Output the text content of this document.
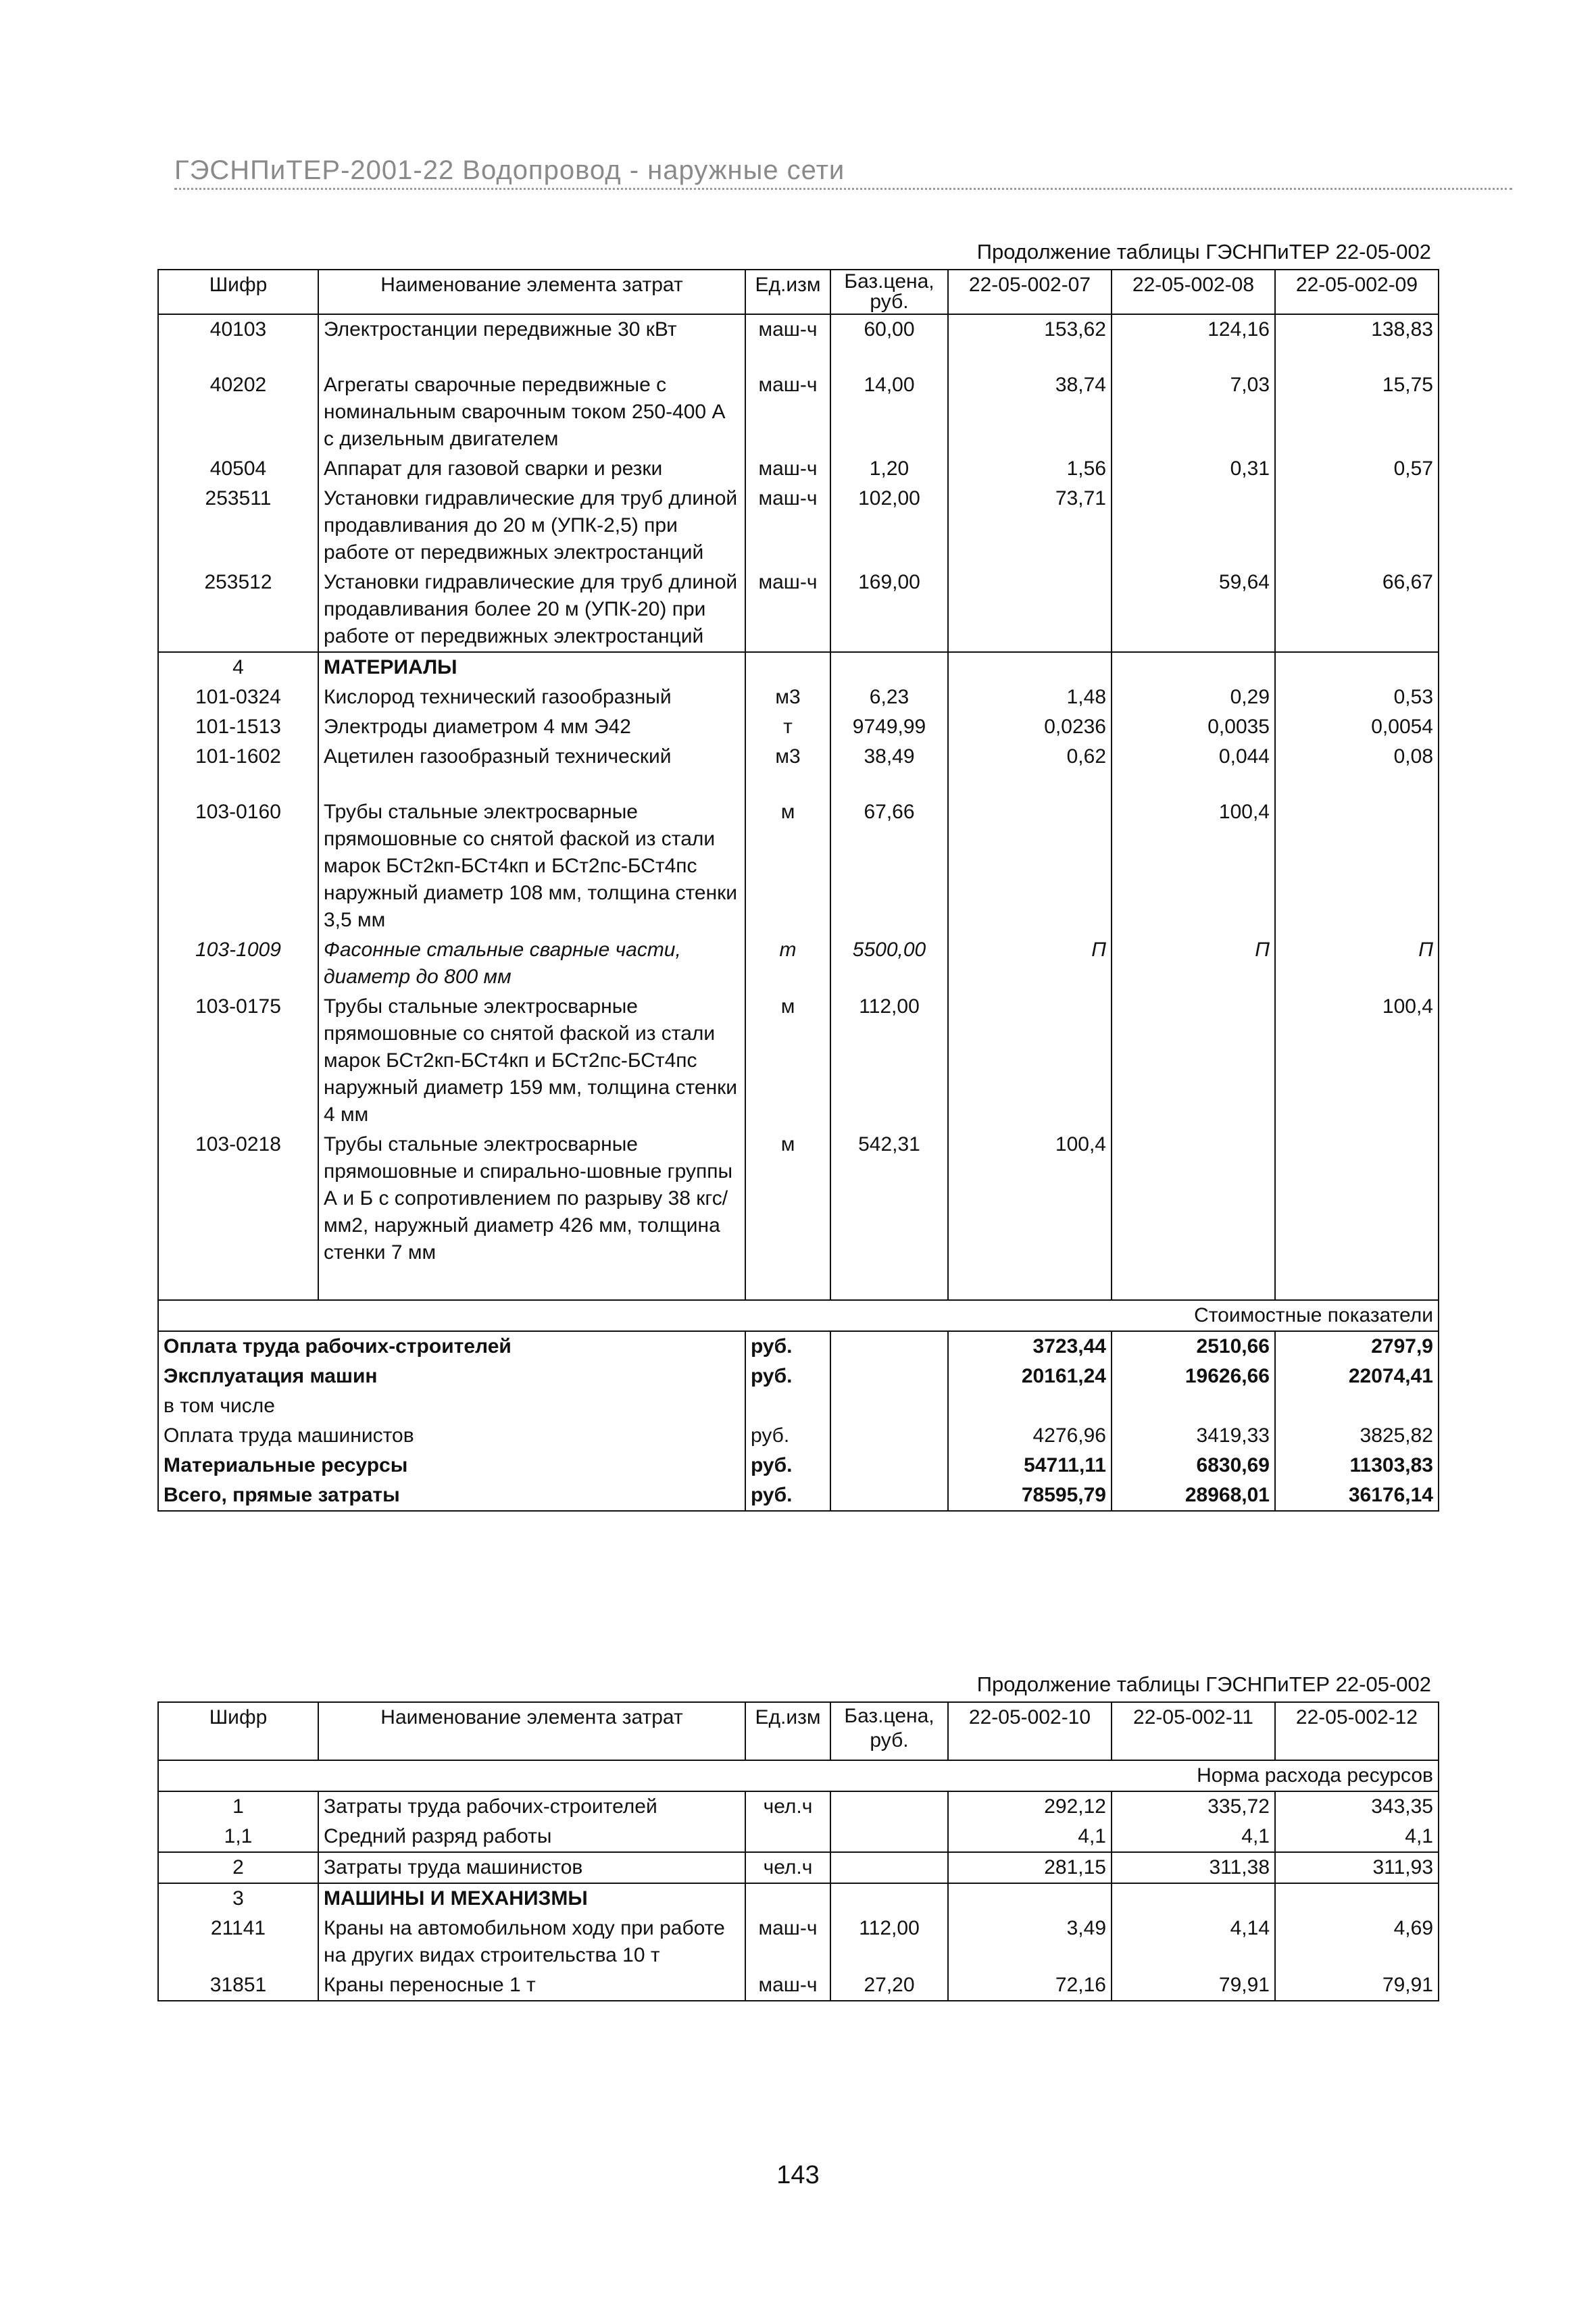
ГЭСНПиТЕР-2001-22 Водопровод - наружные сети
Продолжение таблицы ГЭСНПиТЕР 22-05-002
Шифр	Наименование элемента затрат	Ед.изм	Баз.цена, руб.	22-05-002-07	22-05-002-08	22-05-002-09
40103	Электростанции передвижные 30 кВт	маш-ч	60,00	153,62	124,16	138,83

40202	Агрегаты сварочные передвижные с номинальным сварочным током 250-400 А с дизельным двигателем	маш-ч	14,00	38,74	7,03	15,75
40504	Аппарат для газовой сварки и резки	маш-ч	1,20	1,56	0,31	0,57
253511	Установки гидравлические для труб длиной продавливания до 20 м (УПК-2,5) при работе от передвижных электростанций	маш-ч	102,00	73,71		
253512	Установки гидравлические для труб длиной продавливания более 20 м (УПК-20) при работе от передвижных электростанций	маш-ч	169,00		59,64	66,67
4	МАТЕРИАЛЫ					
101-0324	Кислород технический газообразный	м3	6,23	1,48	0,29	0,53
101-1513	Электроды диаметром 4 мм Э42	т	9749,99	0,0236	0,0035	0,0054
101-1602	Ацетилен газообразный технический	м3	38,49	0,62	0,044	0,08

103-0160	Трубы стальные электросварные прямошовные со снятой фаской из стали марок БСт2кп-БСт4кп и БСт2пс-БСт4пс наружный диаметр 108 мм, толщина стенки 3,5 мм	м	67,66		100,4	
103-1009	Фасонные стальные сварные части, диаметр до 800 мм	т	5500,00	П	П	П
103-0175	Трубы стальные электросварные прямошовные со снятой фаской из стали марок БСт2кп-БСт4кп и БСт2пс-БСт4пс наружный диаметр 159 мм, толщина стенки 4 мм	м	112,00			100,4
103-0218	Трубы стальные электросварные прямошовные и спирально-шовные группы А и Б с сопротивлением по разрыву 38 кгс/мм2, наружный диаметр 426 мм, толщина стенки 7 мм	м	542,31	100,4		

Стоимостные показатели						
Оплата труда рабочих-строителей		руб.		3723,44	2510,66	2797,9
Эксплуатация машин		руб.		20161,24	19626,66	22074,41
в том числе						
Оплата труда машинистов		руб.		4276,96	3419,33	3825,82
Материальные ресурсы		руб.		54711,11	6830,69	11303,83
Всего, прямые затраты		руб.		78595,79	28968,01	36176,14
Продолжение таблицы ГЭСНПиТЕР 22-05-002
Шифр	Наименование элемента затрат	Ед.изм	Баз.цена, руб.	22-05-002-10	22-05-002-11	22-05-002-12
Норма расхода ресурсов						
1	Затраты труда рабочих-строителей	чел.ч		292,12	335,72	343,35
1,1	Средний разряд работы			4,1	4,1	4,1
2	Затраты труда машинистов	чел.ч		281,15	311,38	311,93
3	МАШИНЫ И МЕХАНИЗМЫ					
21141	Краны на автомобильном ходу при работе на других видах строительства 10 т	маш-ч	112,00	3,49	4,14	4,69
31851	Краны переносные 1 т	маш-ч	27,20	72,16	79,91	79,91
143
